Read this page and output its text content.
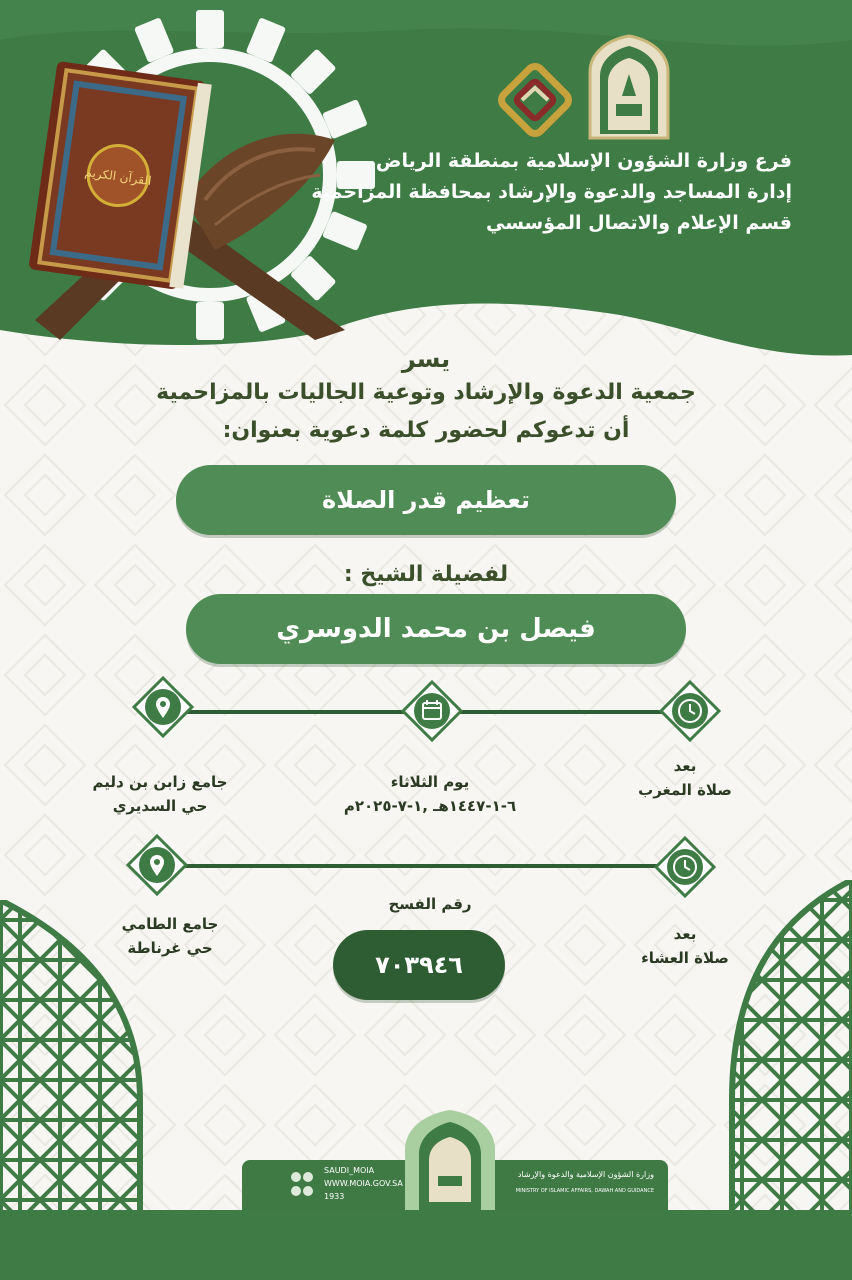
القرآن الكريم
فرع وزارة الشؤون الإسلامية بمنطقة الرياض
إدارة المساجد والدعوة والإرشاد بمحافظة المزاحمية
قسم الإعلام والاتصال المؤسسي
يسر
جمعية الدعوة والإرشاد وتوعية الجاليات بالمزاحمية
أن تدعوكم لحضور كلمة دعوية بعنوان:
تعظيم قدر الصلاة
لفضيلة الشيخ :
فيصل بن محمد الدوسري
بعد
صلاة المغرب
يوم الثلاثاء
٦-١-١٤٤٧هـ ,١-٧-٢٠٢٥م
جامع زابن بن دليم
حي السديري
بعد
صلاة العشاء
رقم الفسح
٧٠٣٩٤٦
جامع الطامي
حي غرناطة
SAUDI_MOIA
WWW.MOIA.GOV.SA
1933
وزارة الشؤون الإسلامية والدعوة والإرشاد
MINISTRY OF ISLAMIC AFFAIRS, DAWAH AND GUIDANCE
